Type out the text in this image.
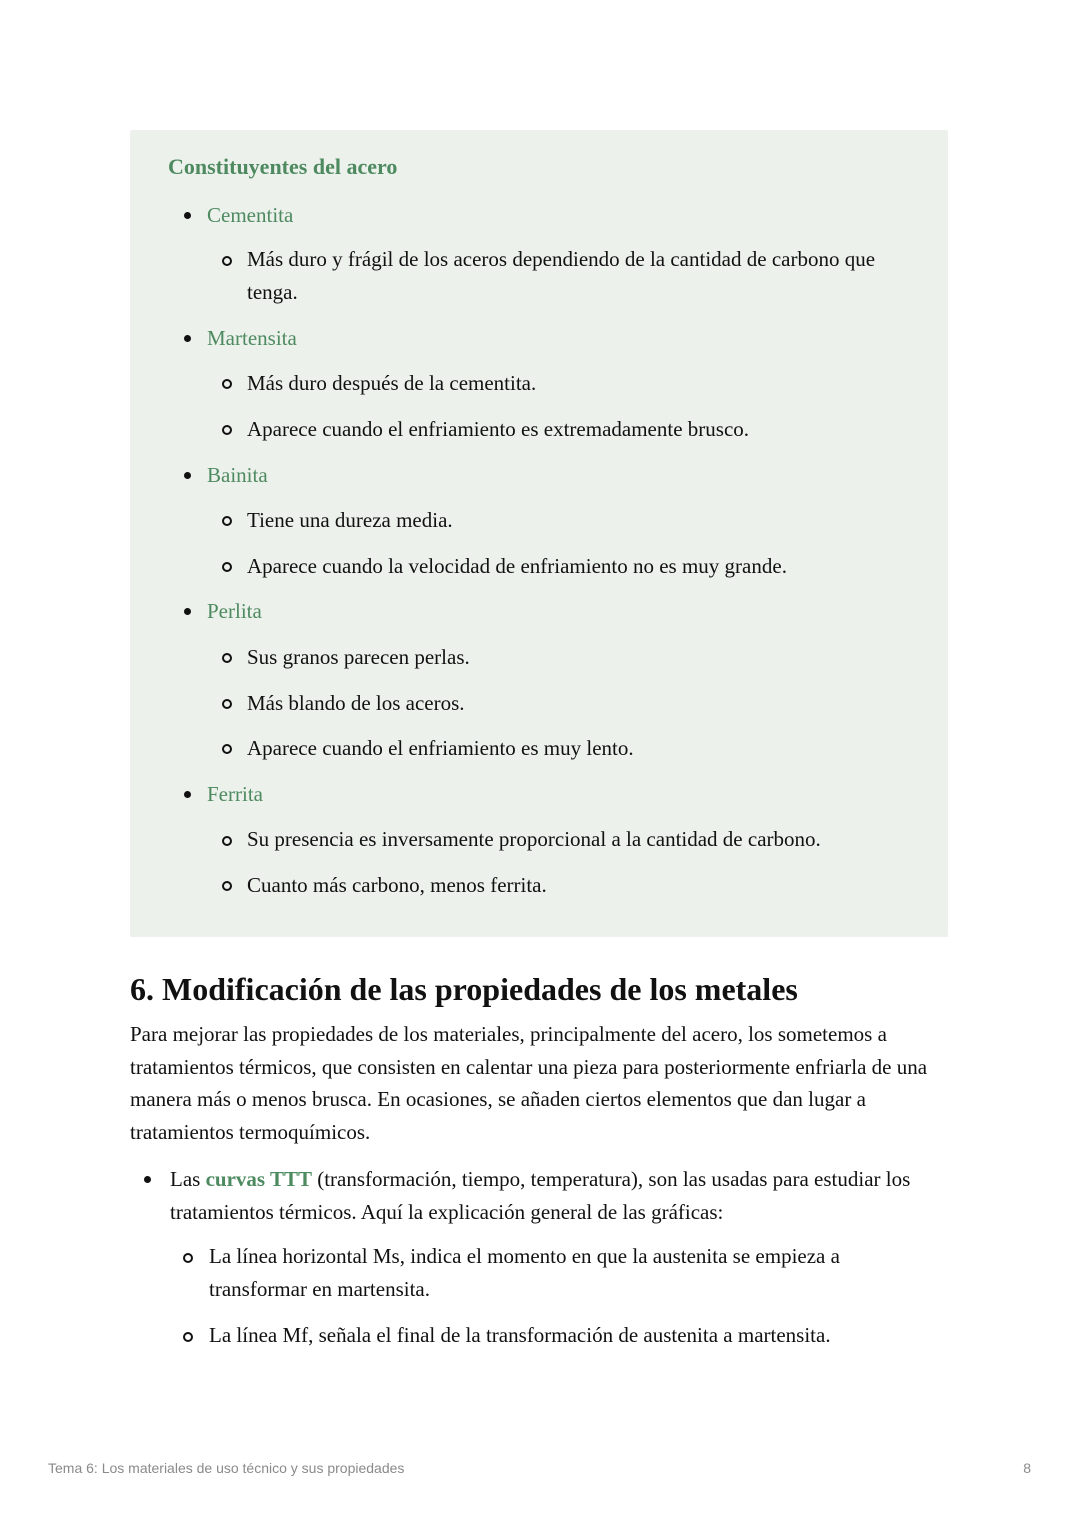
Constituyentes del acero
Cementita
Más duro y frágil de los aceros dependiendo de la cantidad de carbono que tenga.
Martensita
Más duro después de la cementita.
Aparece cuando el enfriamiento es extremadamente brusco.
Bainita
Tiene una dureza media.
Aparece cuando la velocidad de enfriamiento no es muy grande.
Perlita
Sus granos parecen perlas.
Más blando de los aceros.
Aparece cuando el enfriamiento es muy lento.
Ferrita
Su presencia es inversamente proporcional a la cantidad de carbono.
Cuanto más carbono, menos ferrita.
6. Modificación de las propiedades de los metales

Para mejorar las propiedades de los materiales, principalmente del acero, los sometemos a tratamientos térmicos, que consisten en calentar una pieza para posteriormente enfriarla de una manera más o menos brusca. En ocasiones, se añaden ciertos elementos que dan lugar a tratamientos termoquímicos.

Las curvas TTT (transformación, tiempo, temperatura), son las usadas para estudiar los tratamientos térmicos. Aquí la explicación general de las gráficas:
La línea horizontal Ms, indica el momento en que la austenita se empieza a transformar en martensita.
La línea Mf, señala el final de la transformación de austenita a martensita.
Tema 6: Los materiales de uso técnico y sus propiedades	8
